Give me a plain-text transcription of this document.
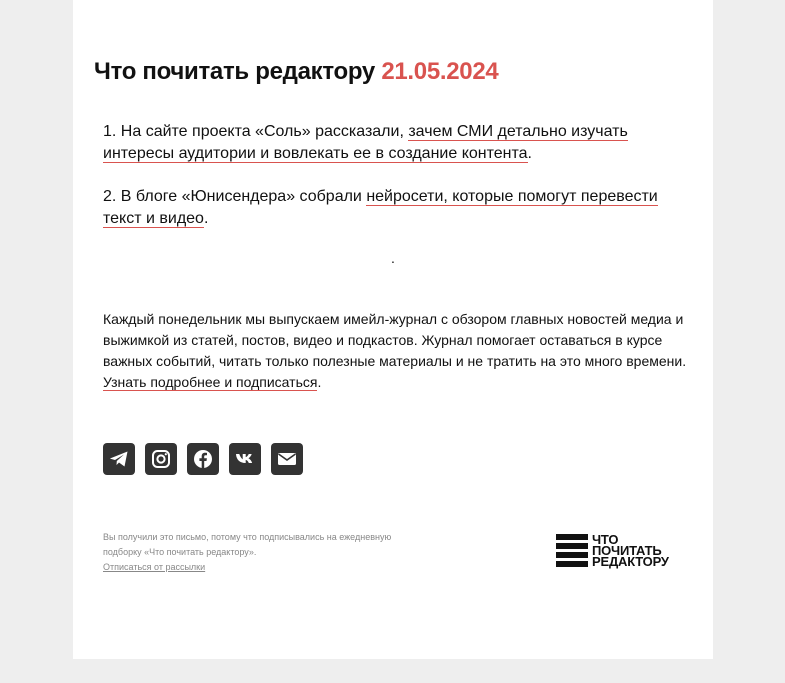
Что почитать редактору 21.05.2024
1. На сайте проекта «Соль» рассказали, зачем СМИ детально изучать интересы аудитории и вовлекать ее в создание контента.
2. В блоге «Юнисендера» собрали нейросети, которые помогут перевести текст и видео.
.
Каждый понедельник мы выпускаем имейл-журнал с обзором главных новостей медиа и выжимкой из статей, постов, видео и подкастов. Журнал помогает оставаться в курсе важных событий, читать только полезные материалы и не тратить на это много времени. Узнать подробнее и подписаться.
Вы получили это письмо, потому что подписывались на ежедневную подборку «Что почитать редактору».
Отписаться от рассылки
ЧТО
ПОЧИТАТЬ
РЕДАКТОРУ
